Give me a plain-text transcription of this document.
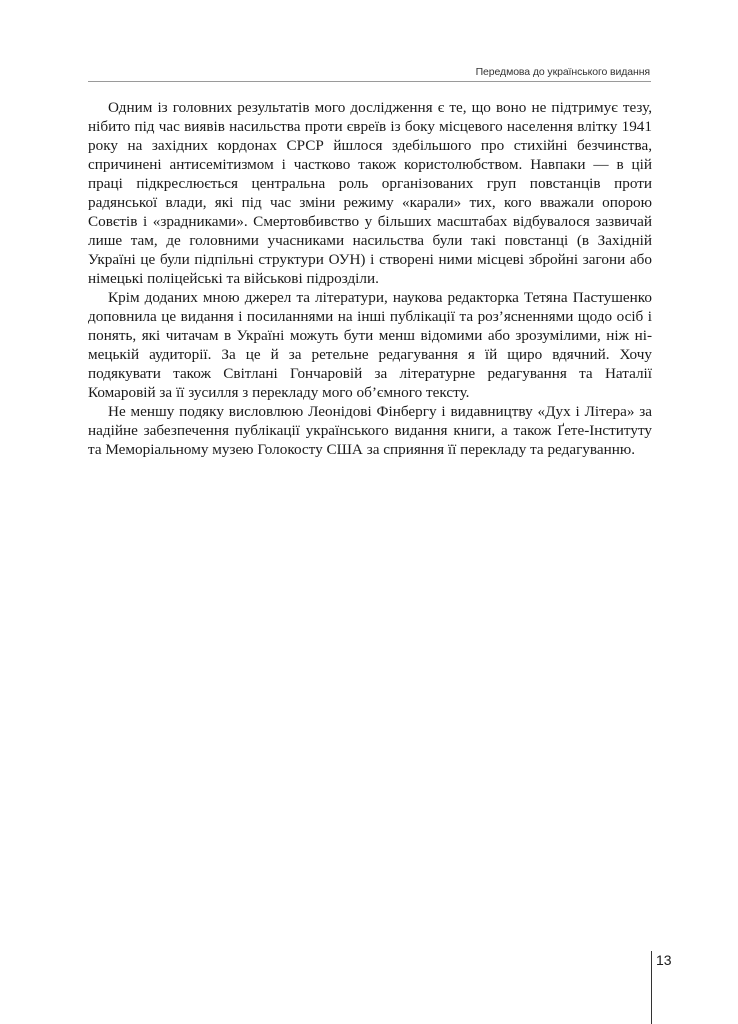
Передмова до українського видання

Одним із головних результатів мого дослідження є те, що воно не підтримує тезу, нібито під час виявів насильства проти євреїв із боку місцевого населення влітку 1941 року на західних кордонах СРСР йшлося здебільшого про стихійні безчинства, спричинені антисемітизмом і частково також користолюбством. Навпаки — в цій праці підкреслюється центральна роль організованих груп повстанців проти радянської влади, які під час зміни режиму «карали» тих, кого вважали опорою Совєтів і «зрадниками». Смертовбивство у більших масштабах відбувалося зазвичай лише там, де головними учасниками насильства були такі повстанці (в Західній Україні це були підпільні структури ОУН) і створені ними місцеві збройні загони або німецькі поліцейські та військові підрозділи.

Крім доданих мною джерел та літератури, наукова редакторка Тетяна Пастушенко доповнила це видання і посиланнями на інші публікації та роз’ясненнями щодо осіб і понять, які читачам в Україні можуть бути менш відомими або зрозумілими, ніж німецькій аудиторії. За це й за ретельне редагування я їй щиро вдячний. Хочу подякувати також Світлані Гончаровій за літературне редагування та Наталії Комаровій за її зусилля з перекладу мого об’ємного тексту.

Не меншу подяку висловлюю Леонідові Фінбергу і видавництву «Дух і Літера» за надійне забезпечення публікації українського видання книги, а також Ґете-Інституту та Меморіальному музею Голокосту США за сприяння її перекладу та редагуванню.

13
